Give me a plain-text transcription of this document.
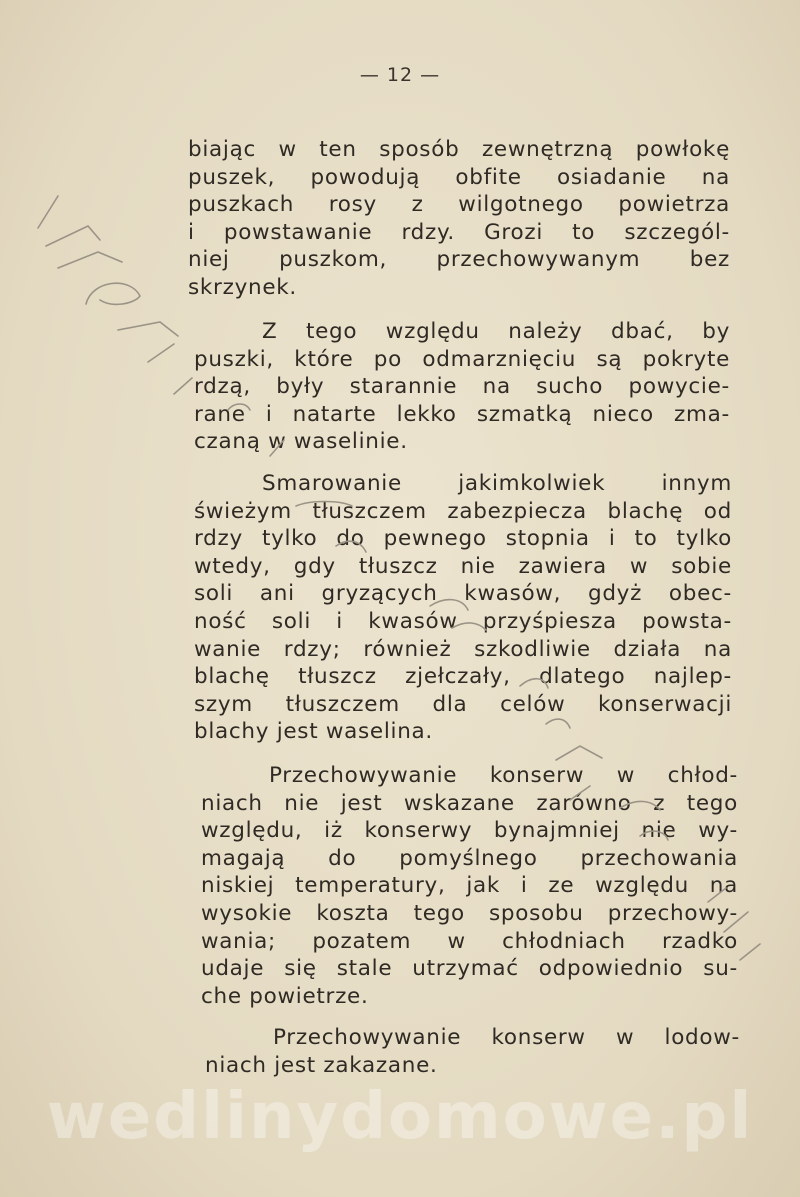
— 12 —
biając w ten sposób zewnętrzną powłokę
puszek, powodują obfite osiadanie na
puszkach rosy z wilgotnego powietrza
i powstawanie rdzy. Grozi to szczegól-
niej puszkom, przechowywanym bez
skrzynek.
Z tego względu należy dbać, by
puszki, które po odmarznięciu są pokryte
rdzą, były starannie na sucho powycie-
rane i natarte lekko szmatką nieco zma-
czaną w waselinie.
Smarowanie jakimkolwiek innym
świeżym tłuszczem zabezpiecza blachę od
rdzy tylko do pewnego stopnia i to tylko
wtedy, gdy tłuszcz nie zawiera w sobie
soli ani gryzących kwasów, gdyż obec-
ność soli i kwasów przyśpiesza powsta-
wanie rdzy; również szkodliwie działa na
blachę tłuszcz zjełczały, dlatego najlep-
szym tłuszczem dla celów konserwacji
blachy jest waselina.
Przechowywanie konserw w chłod-
niach nie jest wskazane zarówno z tego
względu, iż konserwy bynajmniej nie wy-
magają do pomyślnego przechowania
niskiej temperatury, jak i ze względu na
wysokie koszta tego sposobu przechowy-
wania; pozatem w chłodniach rzadko
udaje się stale utrzymać odpowiednio su-
che powietrze.
Przechowywanie konserw w lodow-
niach jest zakazane.
wedlinydomowe.pl
